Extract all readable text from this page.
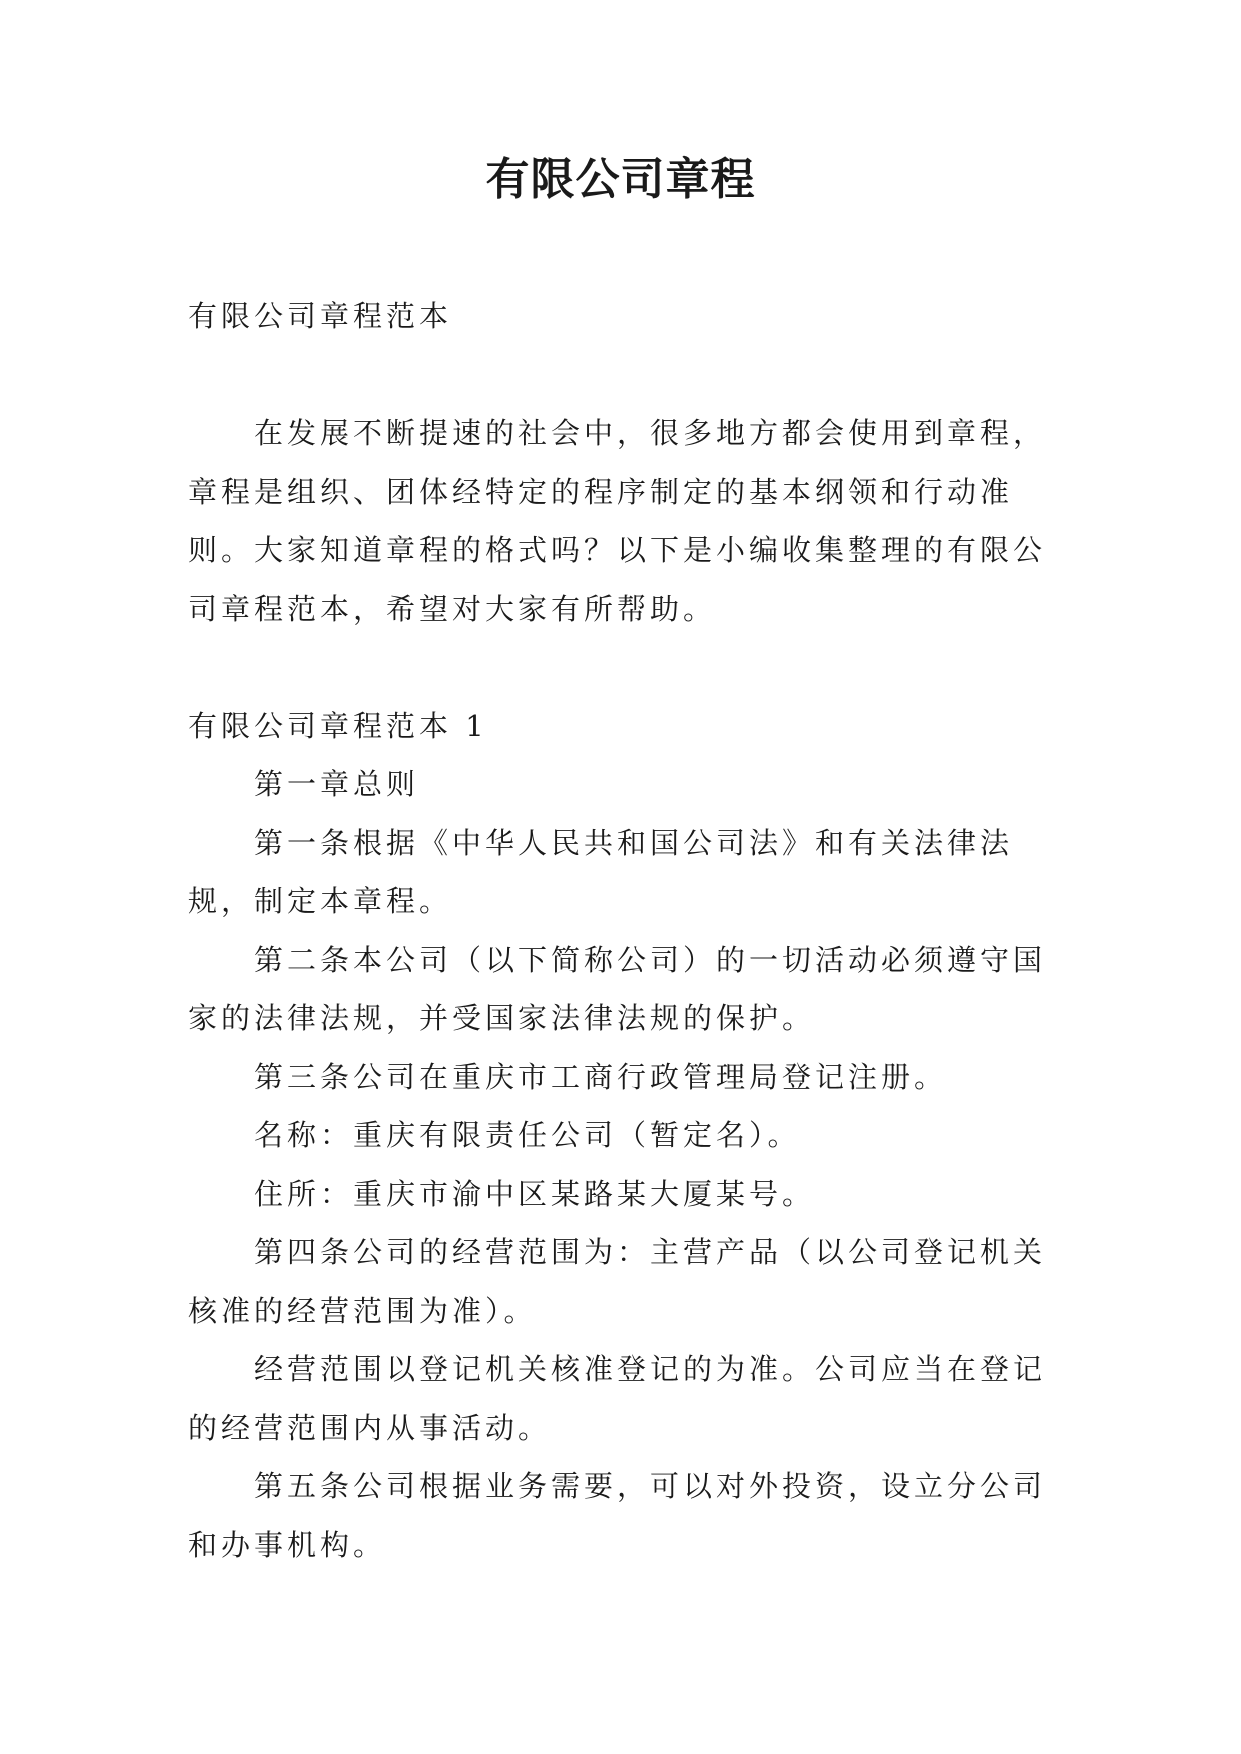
有限公司章程

有限公司章程范本

在发展不断提速的社会中，很多地方都会使用到章程，章程是组织、团体经特定的程序制定的基本纲领和行动准则。大家知道章程的格式吗？以下是小编收集整理的有限公司章程范本，希望对大家有所帮助。

有限公司章程范本 1

第一章总则

第一条根据《中华人民共和国公司法》和有关法律法规，制定本章程。

第二条本公司（以下简称公司）的一切活动必须遵守国家的法律法规，并受国家法律法规的保护。

第三条公司在重庆市工商行政管理局登记注册。

名称：重庆有限责任公司（暂定名）。

住所：重庆市渝中区某路某大厦某号。

第四条公司的经营范围为：主营产品（以公司登记机关核准的经营范围为准）。

经营范围以登记机关核准登记的为准。公司应当在登记的经营范围内从事活动。

第五条公司根据业务需要，可以对外投资，设立分公司和办事机构。
